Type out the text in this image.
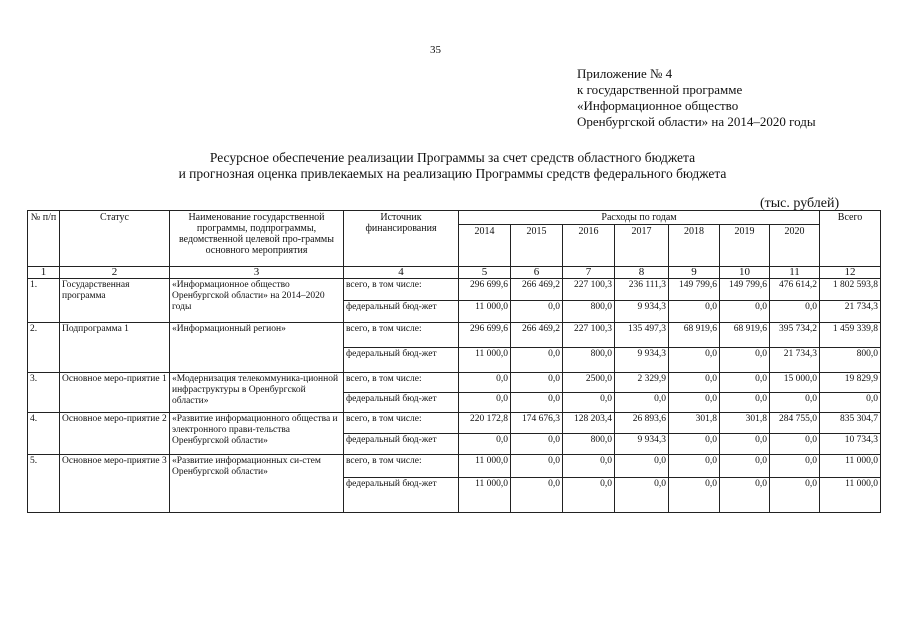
35
Приложение № 4
к государственной программе
«Информационное общество
Оренбургской области» на 2014–2020 годы
Ресурсное обеспечение реализации Программы за счет средств областного бюджета
и прогнозная оценка привлекаемых на реализацию Программы средств федерального бюджета
(тыс. рублей)
№ п/п	Статус	Наименование государственной программы, подпрограммы, ведомственной целевой про-граммы основного мероприятия	Источник финансирования	Расходы по годам							Всего
				2014	2015	2016	2017	2018	2019	2020	
1	2	3	4	5	6	7	8	9	10	11	12
1.	Государственная программа	«Информационное общество Оренбургской области» на 2014–2020 годы	всего, в том числе:	296 699,6	266 469,2	227 100,3	236 111,3	149 799,6	149 799,6	476 614,2	1 802 593,8
			федеральный бюд-жет	11 000,0	0,0	800,0	9 934,3	0,0	0,0	0,0	21 734,3
2.	Подпрограмма 1	«Информационный регион»	всего, в том числе:	296 699,6	266 469,2	227 100,3	135 497,3	68 919,6	68 919,6	395 734,2	1 459 339,8
			федеральный бюд-жет	11 000,0	0,0	800,0	9 934,3	0,0	0,0	21 734,3	800,0
3.	Основное меро-приятие 1	«Модернизация телекоммуника-ционной инфраструктуры в Оренбургской области»	всего, в том числе:	0,0	0,0	2500,0	2 329,9	0,0	0,0	15 000,0	19 829,9
			федеральный бюд-жет	0,0	0,0	0,0	0,0	0,0	0,0	0,0	0,0
4.	Основное меро-приятие 2	«Развитие информационного общества и электронного прави-тельства Оренбургской области»	всего, в том числе:	220 172,8	174 676,3	128 203,4	26 893,6	301,8	301,8	284 755,0	835 304,7
			федеральный бюд-жет	0,0	0,0	800,0	9 934,3	0,0	0,0	0,0	10 734,3
5.	Основное меро-приятие 3	«Развитие информационных си-стем Оренбургской области»	всего, в том числе:	11 000,0	0,0	0,0	0,0	0,0	0,0	0,0	11 000,0
			федеральный бюд-жет	11 000,0	0,0	0,0	0,0	0,0	0,0	0,0	11 000,0
